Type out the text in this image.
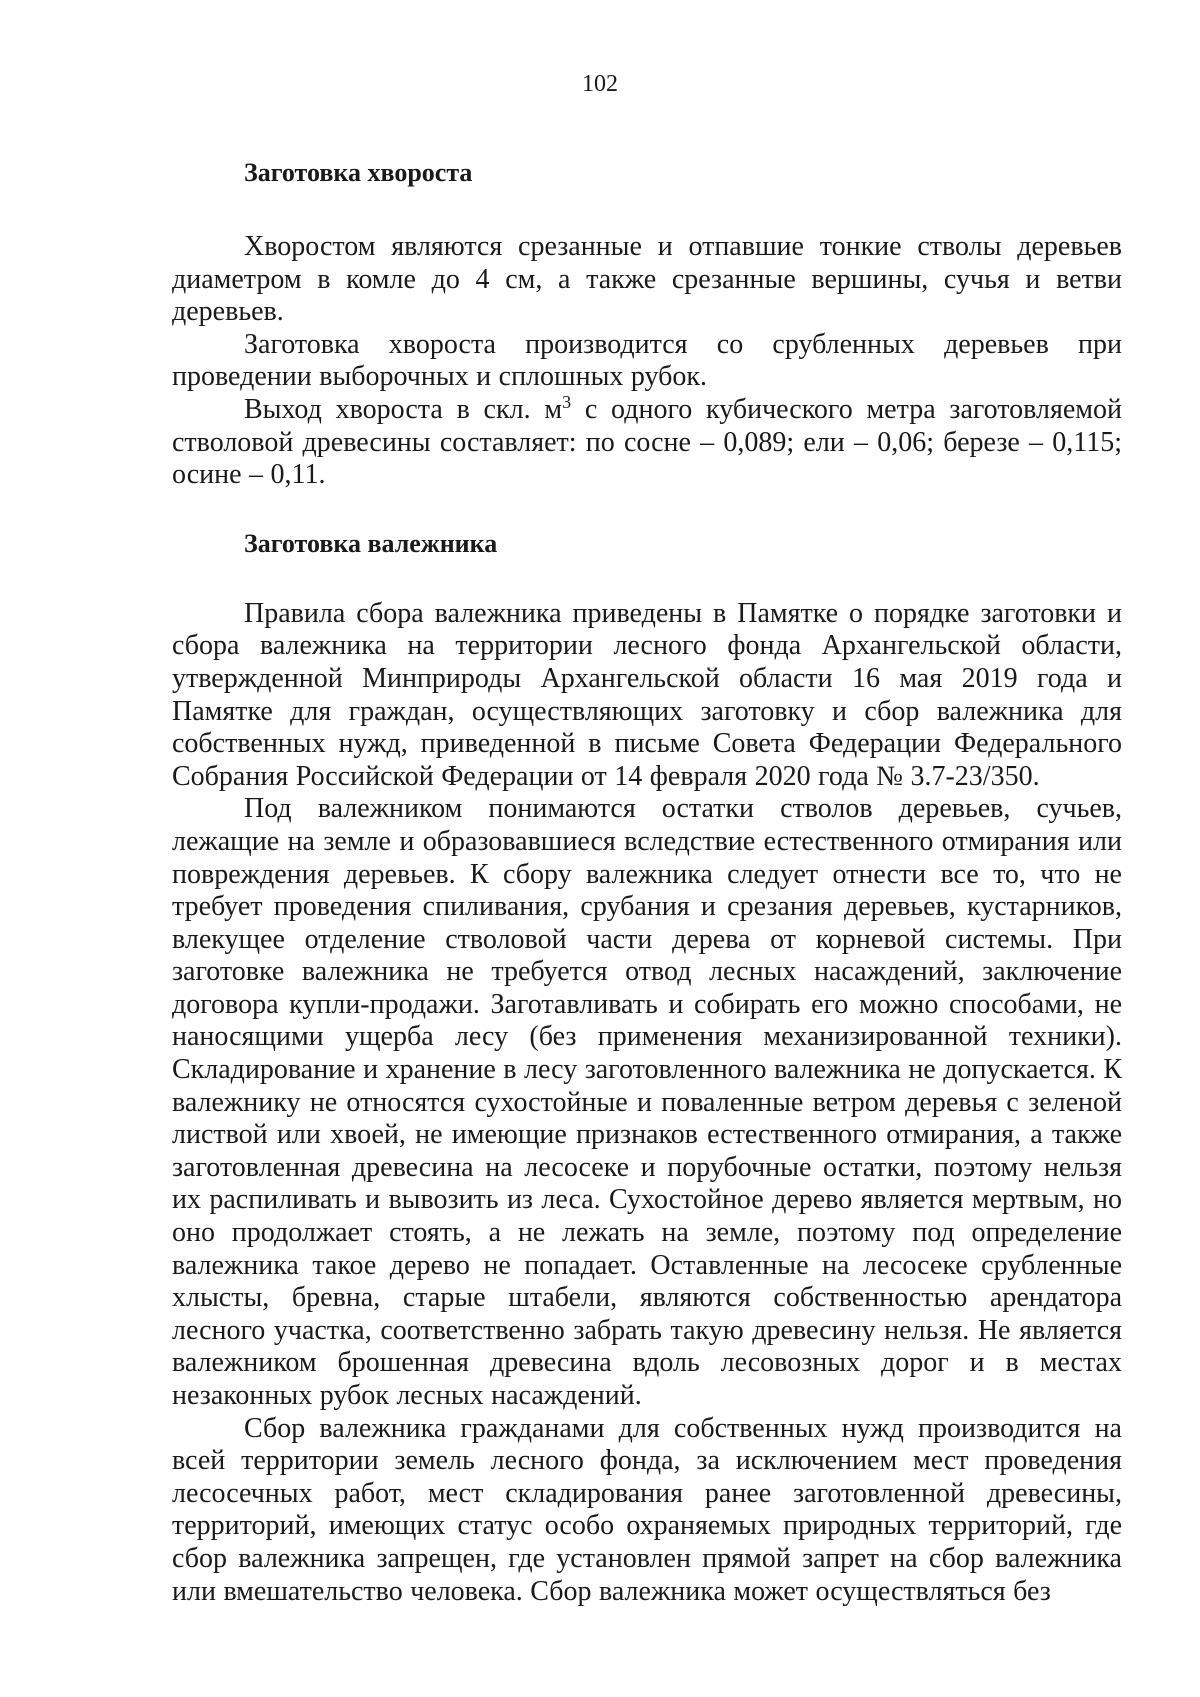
102
Заготовка хвороста

Хворостом являются срезанные и отпавшие тонкие стволы деревьев диаметром в комле до 4 см, а также срезанные вершины, сучья и ветви деревьев.

Заготовка хвороста производится со срубленных деревьев при проведении выборочных и сплошных рубок.

Выход хвороста в скл. $м^3$ с одного кубического метра заготовляемой стволовой древесины составляет: по сосне – 0,089; ели – 0,06; березе – 0,115; осине – 0,11.

Заготовка валежника

Правила сбора валежника приведены в Памятке о порядке заготовки и сбора валежника на территории лесного фонда Архангельской области, утвержденной Минприроды Архангельской области 16 мая 2019 года и Памятке для граждан, осуществляющих заготовку и сбор валежника для собственных нужд, приведенной в письме Совета Федерации Федерального Собрания Российской Федерации от 14 февраля 2020 года № 3.7-23/350.

Под валежником понимаются остатки стволов деревьев, сучьев, лежащие на земле и образовавшиеся вследствие естественного отмирания или повреждения деревьев. К сбору валежника следует отнести все то, что не требует проведения спиливания, срубания и срезания деревьев, кустарников, влекущее отделение стволовой части дерева от корневой системы. При заготовке валежника не требуется отвод лесных насаждений, заключение договора купли-продажи. Заготавливать и собирать его можно способами, не наносящими ущерба лесу (без применения механизированной техники). Складирование и хранение в лесу заготовленного валежника не допускается. К валежнику не относятся сухостойные и поваленные ветром деревья с зеленой листвой или хвоей, не имеющие признаков естественного отмирания, а также заготовленная древесина на лесосеке и порубочные остатки, поэтому нельзя их распиливать и вывозить из леса. Сухостойное дерево является мертвым, но оно продолжает стоять, а не лежать на земле, поэтому под определение валежника такое дерево не попадает. Оставленные на лесосеке срубленные хлысты, бревна, старые штабели, являются собственностью арендатора лесного участка, соответственно забрать такую древесину нельзя. Не является валежником брошенная древесина вдоль лесовозных дорог и в местах незаконных рубок лесных насаждений.

Сбор валежника гражданами для собственных нужд производится на всей территории земель лесного фонда, за исключением мест проведения лесосечных работ, мест складирования ранее заготовленной древесины, территорий, имеющих статус особо охраняемых природных территорий, где сбор валежника запрещен, где установлен прямой запрет на сбор валежника или вмешательство человека. Сбор валежника может осуществляться без
